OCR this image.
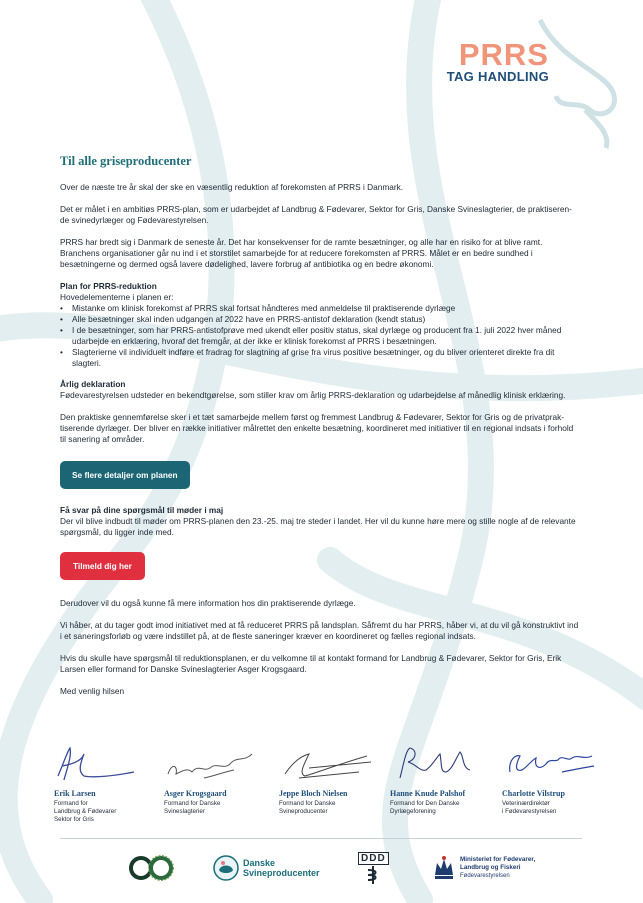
PRRS
TAG HANDLING
Til alle griseproducenter

Over de næste tre år skal der ske en væsentlig reduktion af forekomsten af PRRS i Danmark.

Det er målet i en ambitiøs PRRS-plan, som er udarbejdet af Landbrug & Fødevarer, Sektor for Gris, Danske Svineslagterier, de praktiseren-de svinedyrlæger og Fødevarestyrelsen.

PRRS har bredt sig i Danmark de seneste år. Det har konsekvenser for de ramte besætninger, og alle har en risiko for at blive ramt. Branchens organisationer går nu ind i et storstilet samarbejde for at reducere forekomsten af PRRS. Målet er en bedre sundhed i besætningerne og dermed også lavere dødelighed, lavere forbrug af antibiotika og en bedre økonomi.

Plan for PRRS-reduktion
Hovedelementerne i planen er:
• Mistanke om klinisk forekomst af PRRS skal fortsat håndteres med anmeldelse til praktiserende dyrlæge
• Alle besætninger skal inden udgangen af 2022 have en PRRS-antistof deklaration (kendt status)
• I de besætninger, som har PRRS-antistofprøve med ukendt eller positiv status, skal dyrlæge og producent fra 1. juli 2022 hver måned udarbejde en erklæring, hvoraf det fremgår, at der ikke er klinisk forekomst af PRRS i besætningen.
• Slagterierne vil individuelt indføre et fradrag for slagtning af grise fra virus positive besætninger, og du bliver orienteret direkte fra dit slagteri.
Årlig deklaration

Fødevarestyrelsen udsteder en bekendtgørelse, som stiller krav om årlig PRRS-deklaration og udarbejdelse af månedlig klinisk erklæring.

Den praktiske gennemførelse sker i et tæt samarbejde mellem først og fremmest Landbrug & Fødevarer, Sektor for Gris og de privatprak-tiserende dyrlæger. Der bliver en række initiativer målrettet den enkelte besætning, koordineret med initiativer til en regional indsats i forhold til sanering af områder.

Se flere detaljer om planen
Få svar på dine spørgsmål til møder i maj

Der vil blive indbudt til møder om PRRS-planen den 23.-25. maj tre steder i landet. Her vil du kunne høre mere og stille nogle af de relevante spørgsmål, du ligger inde med.

Tilmeld dig her

Derudover vil du også kunne få mere information hos din praktiserende dyrlæge.

Vi håber, at du tager godt imod initiativet med at få reduceret PRRS på landsplan. Såfremt du har PRRS, håber vi, at du vil gå konstruktivt ind i et saneringsforløb og være indstillet på, at de fleste saneringer kræver en koordineret og fælles regional indsats.

Hvis du skulle have spørgsmål til reduktionsplanen, er du velkomne til at kontakt formand for Landbrug & Fødevarer, Sektor for Gris, Erik Larsen eller formand for Danske Svineslagterier Asger Krogsgaard.

Med venlig hilsen

Erik Larsen
Formand for
Landbrug & Fødevarer
Sektor for Gris
Asger Krogsgaard
Formand for Danske
Svineslagterier
Jeppe Bloch Nielsen
Formand for Danske
Svineproducenter
Hanne Knude Palshof
Formand for Den Danske
Dyrlægeforening
Charlotte Vilstrup
Veterinærdirektør
i Fødevarestyrelsen
Danske
Svineproducenter
DDD	Ministeriet for Fødevarer,
Landbrug og Fiskeri
Fødevarestyrelsen
